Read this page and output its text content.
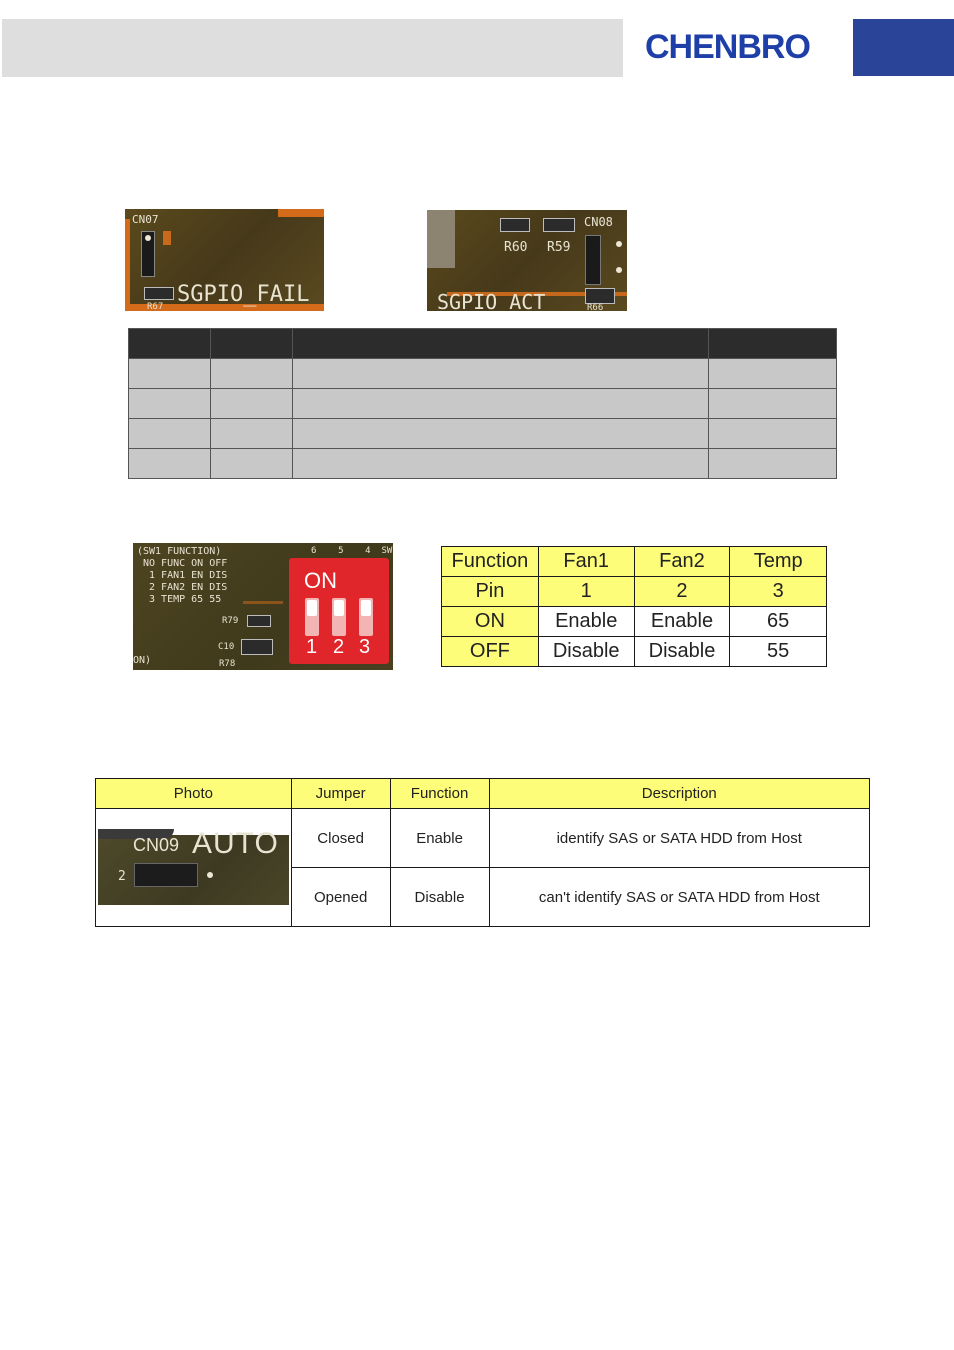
CHENBRO
CN07
SGPIO_FAIL
R67
R60 R59
CN08
SGPIO ACT	R66

(SW1 FUNCTION)
NO FUNC ON OFF
1 FAN1 EN DIS
2 FAN2 EN DIS
3 TEMP 65 55
6    5    4  SW
R79
C10
R78
ON)
ON
1 2 3
Function	Fan1	Fan2	Temp
Pin	1	2	3
ON	Enable	Enable	65
OFF	Disable	Disable	55
Photo	Jumper	Function	Description

CN09 AUTO
2	Closed	Enable	identify SAS or SATA HDD from Host
	Opened	Disable	can't identify SAS or SATA HDD from Host
